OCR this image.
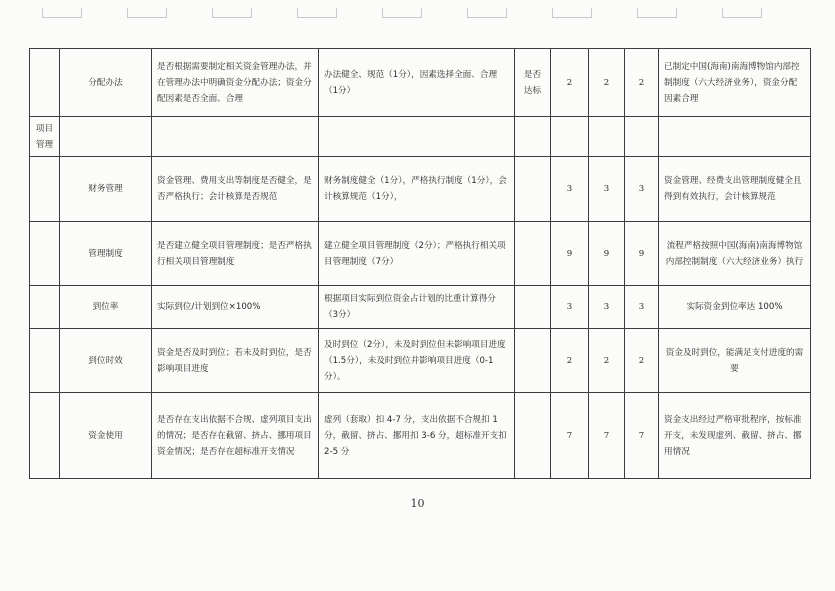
	分配办法	是否根据需要制定相关资金管理办法，并在管理办法中明确资金分配办法；资金分配因素是否全面、合理	办法健全、规范（1分），因素选择全面、合理（1分）	是否达标	2	2	2	已制定中国(海南)南海博物馆内部控制制度（六大经济业务），资金分配因素合理
项目管理								
	财务管理	资金管理、费用支出等制度是否健全，是否严格执行；会计核算是否规范	财务制度健全（1分），严格执行制度（1分），会计核算规范（1分），		3	3	3	资金管理、经费支出管理制度健全且得到有效执行，会计核算规范
	管理制度	是否建立健全项目管理制度；是否严格执行相关项目管理制度	建立健全项目管理制度（2分）；严格执行相关项目管理制度（7分）		9	9	9	流程严格按照中国(海南)南海博物馆内部控制制度（六大经济业务）执行
	到位率	实际到位/计划到位×100%	根据项目实际到位资金占计划的比重计算得分（3分）		3	3	3	实际资金到位率达 100%
	到位时效	资金是否及时到位；若未及时到位，是否影响项目进度	及时到位（2分），未及时到位但未影响项目进度（1.5分），未及时到位并影响项目进度（0-1分）。		2	2	2	资金及时到位，能满足支付进度的需要
	资金使用	是否存在支出依据不合规、虚列项目支出的情况；是否存在截留、挤占、挪用项目资金情况；是否存在超标准开支情况	虚列（套取）扣 4-7 分，支出依据不合规扣 1 分，截留、挤占、挪用扣 3-6 分，超标准开支扣 2-5 分		7	7	7	资金支出经过严格审批程序，按标准开支，未发现虚列、截留、挤占、挪用情况
10
